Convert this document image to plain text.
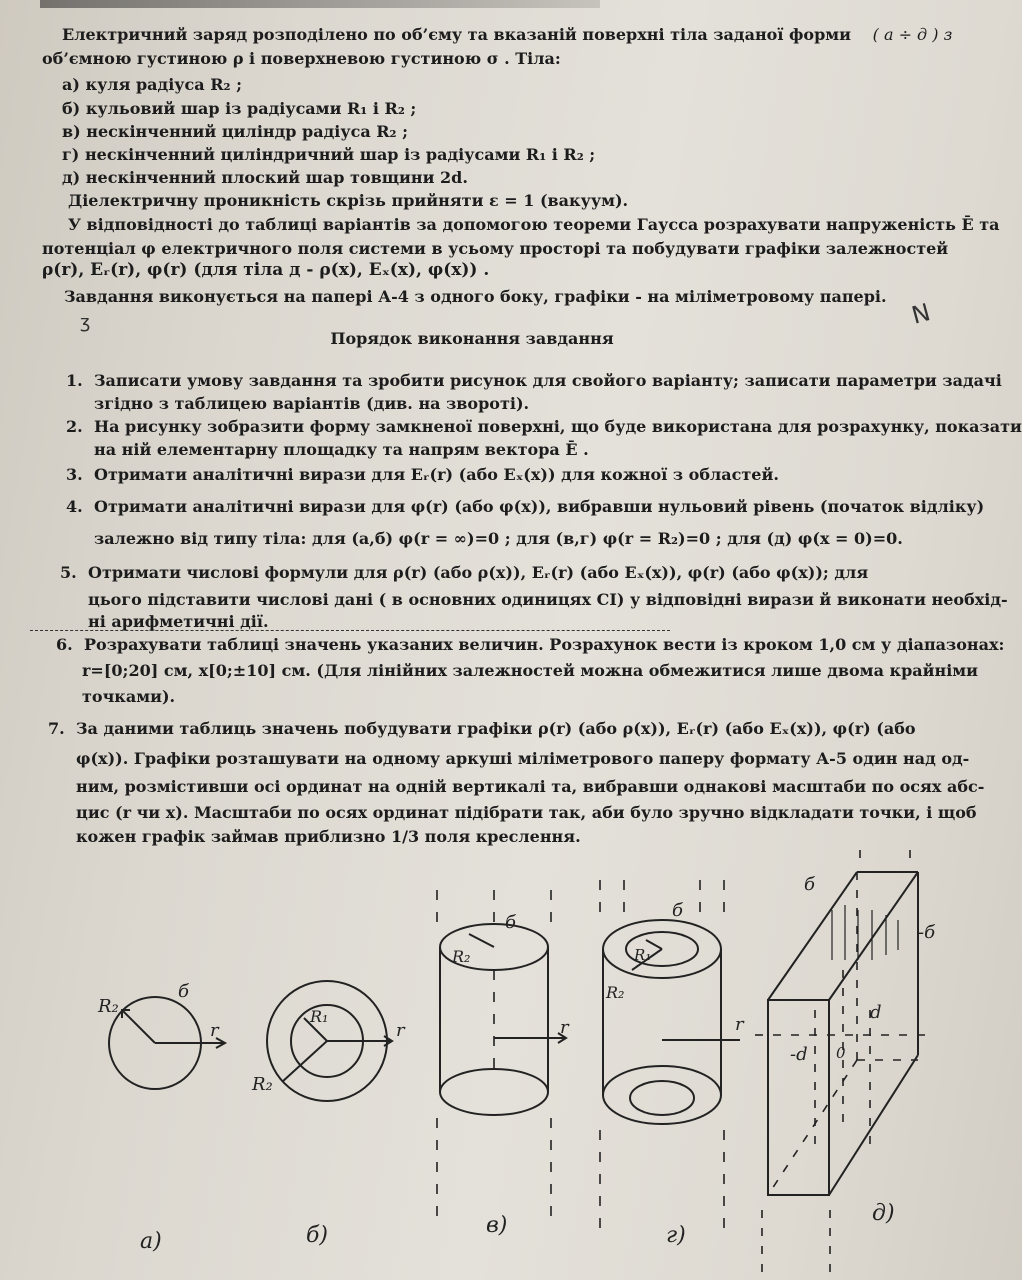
Електричний заряд розподілено по об’єму та вказаній поверхні тіла заданої форми ( а ÷ д ) з
об’ємною густиною ρ і поверхневою густиною σ . Тіла:
а) куля радіуса R₂ ;
б) кульовий шар із радіусами R₁ і R₂ ;
в) нескінченний циліндр радіуса R₂ ;
г) нескінченний циліндричний шар із радіусами R₁ і R₂ ;
д) нескінченний плоский шар товщини 2d.
Діелектричну проникність скрізь прийняти ε = 1 (вакуум).
У відповідності до таблиці варіантів за допомогою теореми Гаусса розрахувати напруженість Ē та
потенціал φ електричного поля системи в усьому просторі та побудувати графіки залежностей
ρ(r), Eᵣ(r), φ(r) (для тіла д - ρ(x), Eₓ(x), φ(x)) .
Завдання виконується на папері А-4 з одного боку, графіки - на міліметровому папері.
ʒ	N
Порядок виконання завдання
1. Записати умову завдання та зробити рисунок для свойого варіанту; записати параметри задачі
згідно з таблицею варіантів (див. на звороті).
2. На рисунку зобразити форму замкненої поверхні, що буде використана для розрахунку, показати
на ній елементарну площадку та напрям вектора Ē .
3. Отримати аналітичні вирази для Eᵣ(r) (або Eₓ(x)) для кожної з областей.
4. Отримати аналітичні вирази для φ(r) (або φ(x)), вибравши нульовий рівень (початок відліку)
залежно від типу тіла: для (а,б) φ(r = ∞)=0 ; для (в,г) φ(r = R₂)=0 ; для (д) φ(x = 0)=0.
5. Отримати числові формули для ρ(r) (або ρ(x)), Eᵣ(r) (або Eₓ(x)), φ(r) (або φ(x)); для
цього підставити числові дані ( в основних одиницях СІ) у відповідні вирази й виконати необхід-
ні арифметичні дії.
6. Розрахувати таблиці значень указаних величин. Розрахунок вести із кроком 1,0 см у діапазонах:
r=[0;20] см, x[0;±10] см. (Для лінійних залежностей можна обмежитися лише двома крайніми
точками).
7. За даними таблиць значень побудувати графіки ρ(r) (або ρ(x)), Eᵣ(r) (або Eₓ(x)), φ(r) (або
φ(x)). Графіки розташувати на одному аркуші міліметрового паперу формату А-5 один над од-
ним, розмістивши осі ординат на одній вертикалі та, вибравши однакові масштаби по осях абс-
цис (r чи x). Масштаби по осях ординат підібрати так, аби було зручно відкладати точки, і щоб
кожен графік займав приблизно 1/3 поля креслення.
R₂
б
r
R₁
R₂
r
б
R₂
r
б
R₁
R₂
r
б
-б
d
-d 0
а)	б)	в)	г)
д)
